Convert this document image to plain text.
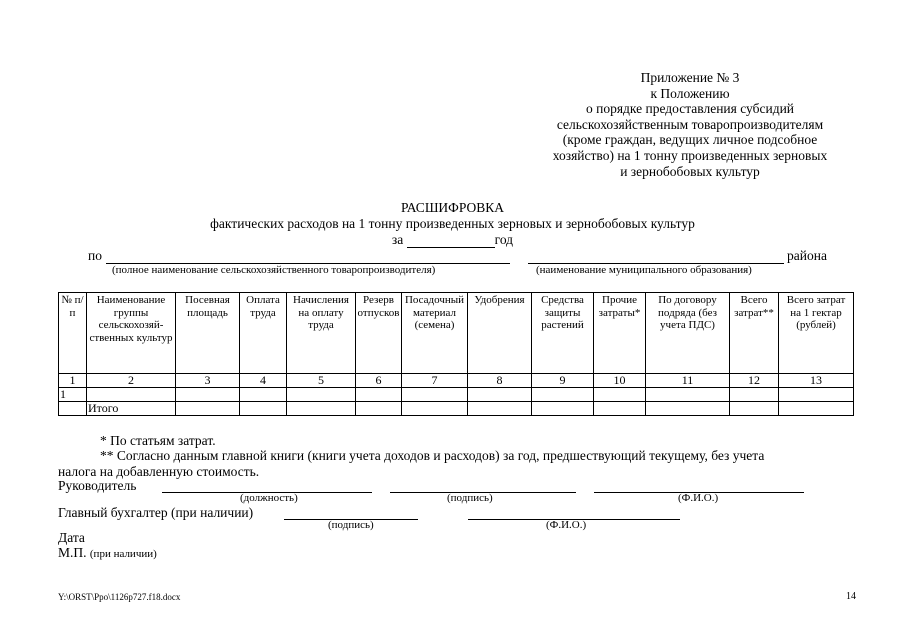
Приложение № 3
к Положению
о порядке предоставления субсидий
сельскохозяйственным товаропроизводителям
(кроме граждан, ведущих личное подсобное
хозяйство) на 1 тонну произведенных зерновых
и зернобобовых культур
РАСШИФРОВКА
фактических расходов на 1 тонну произведенных зерновых и зернобобовых культур
за	год
по	района
(полное наименование сельскохозяйственного товаропроизводителя)	(наименование муниципального образования)
№ п/п	Наименование группы сельскохозяй-ственных культур	Посевная площадь	Оплата труда	Начисления на оплату труда	Резерв отпусков	Посадочный материал (семена)	Удобрения	Средства защиты растений	Прочие затраты*	По договору подряда (без учета ПДС)	Всего затрат**	Всего затрат на 1 гектар (рублей)
1	2	3	4	5	6	7	8	9	10	11	12	13
1												
	Итого											
* По статьям затрат.
** Согласно данным главной книги (книги учета доходов и расходов) за год, предшествующий текущему, без учета
налога на добавленную стоимость.
Руководитель
(должность)	(подпись)	(Ф.И.О.)
Главный бухгалтер (при наличии)
(подпись)	(Ф.И.О.)
Дата
М.П. (при наличии)
Y:\ORST\Ppo\1126p727.f18.docx	14
